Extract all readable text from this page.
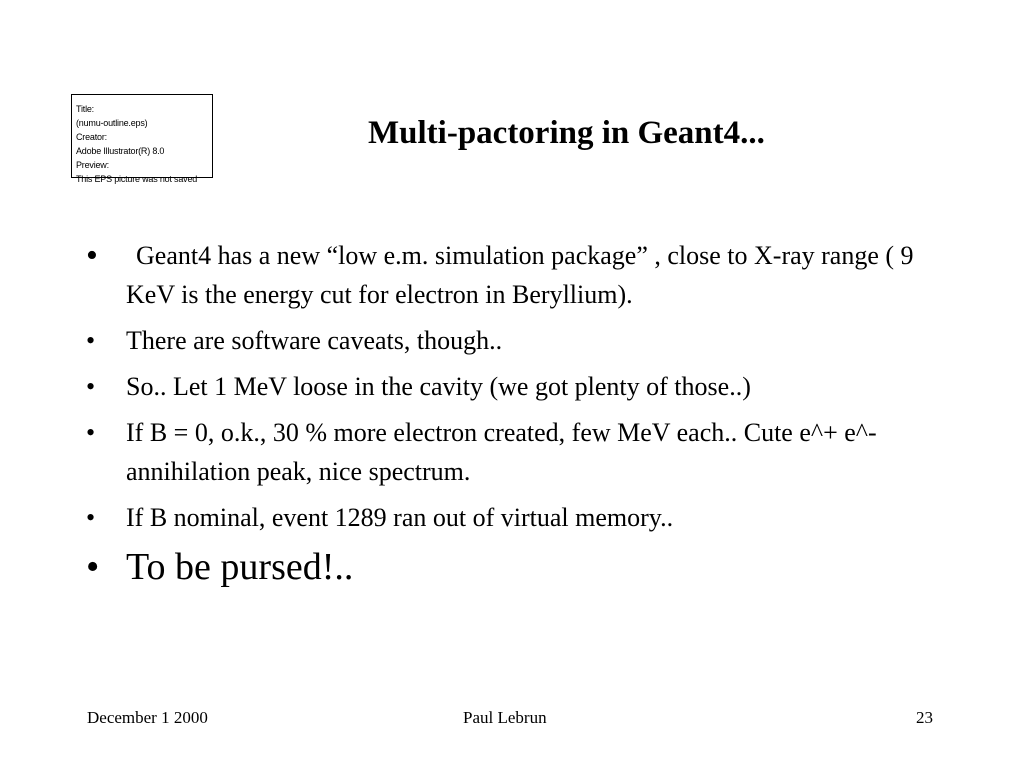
Title:
(numu-outline.eps)
Creator:
Adobe Illustrator(R) 8.0
Preview:
This EPS picture was not saved
Multi-pactoring in Geant4...
• Geant4 has a new “low e.m. simulation package” , close to X-ray range ( 9 KeV is the energy cut for electron in Beryllium).
• There are software caveats, though..
• So.. Let 1 MeV loose in the cavity (we got plenty of those..)
• If B = 0, o.k., 30 % more electron created, few MeV each.. Cute e^+ e^- annihilation peak, nice spectrum.
• If B nominal, event 1289 ran out of virtual memory..
• To be pursed!..
December 1 2000	Paul Lebrun	23
